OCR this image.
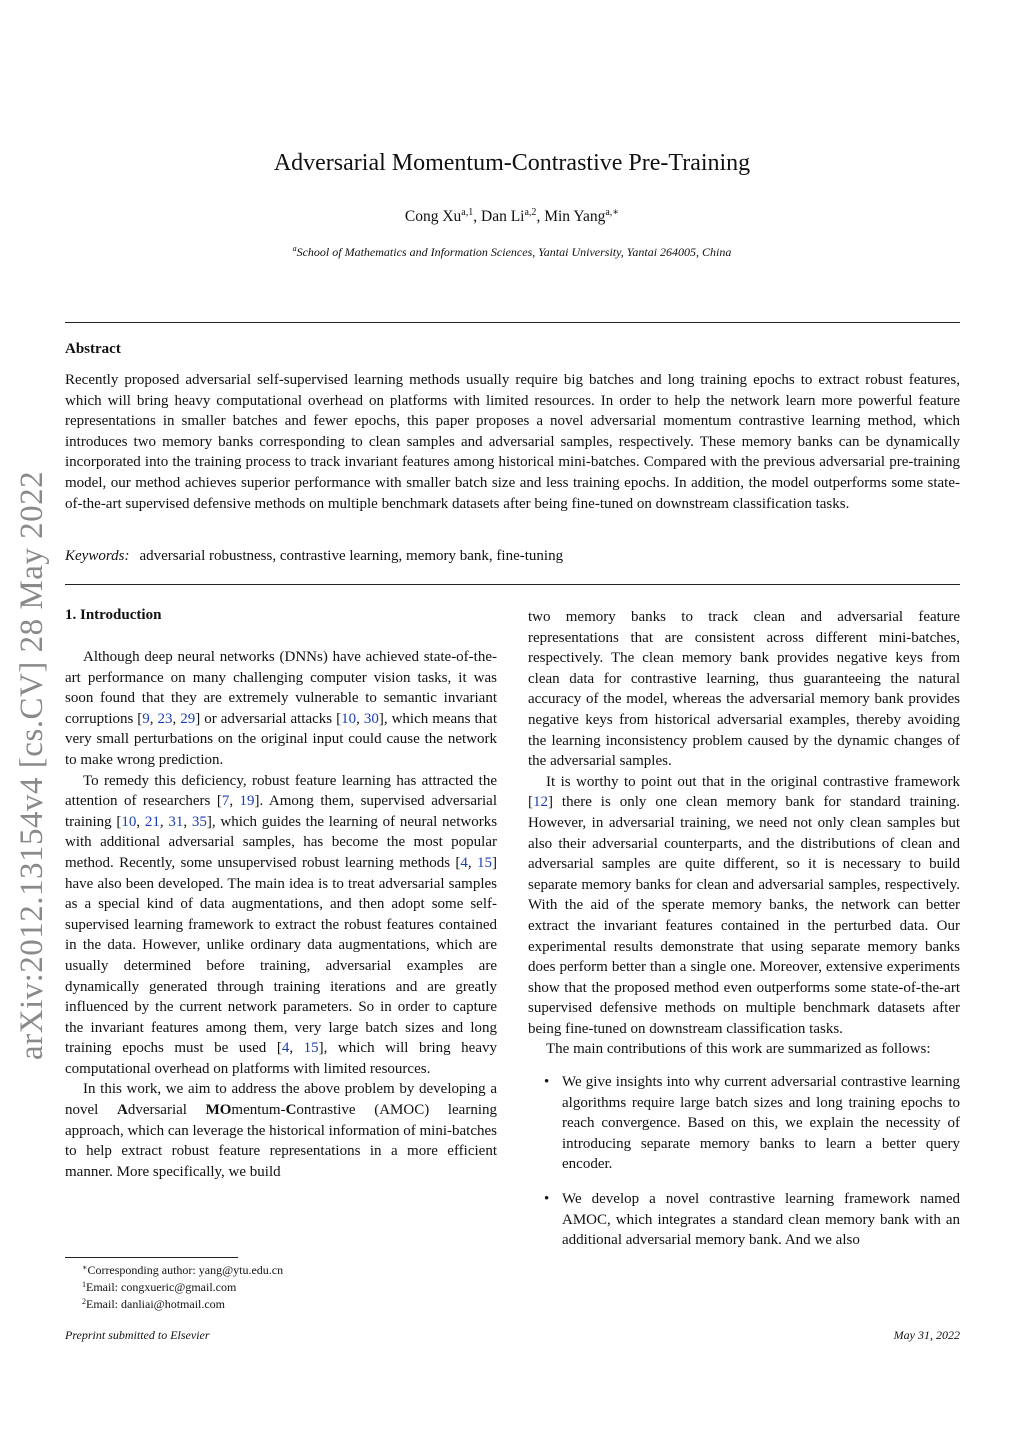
arXiv:2012.13154v4 [cs.CV] 28 May 2022
Adversarial Momentum-Contrastive Pre-Training
Cong Xu$^{a,1}$, Dan Li$^{a,2}$, Min Yang$^{a,∗}$
$^a$School of Mathematics and Information Sciences, Yantai University, Yantai 264005, China
Abstract
Recently proposed adversarial self-supervised learning methods usually require big batches and long training epochs to extract robust features, which will bring heavy computational overhead on platforms with limited resources. In order to help the network learn more powerful feature representations in smaller batches and fewer epochs, this paper proposes a novel adversarial momentum contrastive learning method, which introduces two memory banks corresponding to clean samples and adversarial samples, respectively. These memory banks can be dynamically incorporated into the training process to track invariant features among historical mini-batches. Compared with the previous adversarial pre-training model, our method achieves superior performance with smaller batch size and less training epochs. In addition, the model outperforms some state-of-the-art supervised defensive methods on multiple benchmark datasets after being fine-tuned on downstream classification tasks.
Keywords: adversarial robustness, contrastive learning, memory bank, fine-tuning
1. Introduction

Although deep neural networks (DNNs) have achieved state-of-the-art performance on many challenging computer vision tasks, it was soon found that they are extremely vulnerable to semantic invariant corruptions [9, 23, 29] or adversarial attacks [10, 30], which means that very small perturbations on the original input could cause the network to make wrong prediction.

To remedy this deficiency, robust feature learning has attracted the attention of researchers [7, 19]. Among them, supervised adversarial training [10, 21, 31, 35], which guides the learning of neural networks with additional adversarial samples, has become the most popular method. Recently, some unsupervised robust learning methods [4, 15] have also been developed. The main idea is to treat adversarial samples as a special kind of data augmentations, and then adopt some self-supervised learning framework to extract the robust features contained in the data. However, unlike ordinary data augmentations, which are usually determined before training, adversarial examples are dynamically generated through training iterations and are greatly influenced by the current network parameters. So in order to capture the invariant features among them, very large batch sizes and long training epochs must be used [4, 15], which will bring heavy computational overhead on platforms with limited resources.

In this work, we aim to address the above problem by developing a novel Adversarial MOmentum-Contrastive (AMOC) learning approach, which can leverage the historical information of mini-batches to help extract robust feature representations in a more efficient manner. More specifically, we build

two memory banks to track clean and adversarial feature representations that are consistent across different mini-batches, respectively. The clean memory bank provides negative keys from clean data for contrastive learning, thus guaranteeing the natural accuracy of the model, whereas the adversarial memory bank provides negative keys from historical adversarial examples, thereby avoiding the learning inconsistency problem caused by the dynamic changes of the adversarial samples.

It is worthy to point out that in the original contrastive framework [12] there is only one clean memory bank for standard training. However, in adversarial training, we need not only clean samples but also their adversarial counterparts, and the distributions of clean and adversarial samples are quite different, so it is necessary to build separate memory banks for clean and adversarial samples, respectively. With the aid of the sperate memory banks, the network can better extract the invariant features contained in the perturbed data. Our experimental results demonstrate that using separate memory banks does perform better than a single one. Moreover, extensive experiments show that the proposed method even outperforms some state-of-the-art supervised defensive methods on multiple benchmark datasets after being fine-tuned on downstream classification tasks.

The main contributions of this work are summarized as follows:

• We give insights into why current adversarial contrastive learning algorithms require large batch sizes and long training epochs to reach convergence. Based on this, we explain the necessity of introducing separate memory banks to learn a better query encoder.
• We develop a novel contrastive learning framework named AMOC, which integrates a standard clean memory bank with an additional adversarial memory bank. And we also
∗Corresponding author: yang@ytu.edu.cn
$^1$Email: congxueric@gmail.com
$^2$Email: danliai@hotmail.com
Preprint submitted to Elsevier	May 31, 2022
